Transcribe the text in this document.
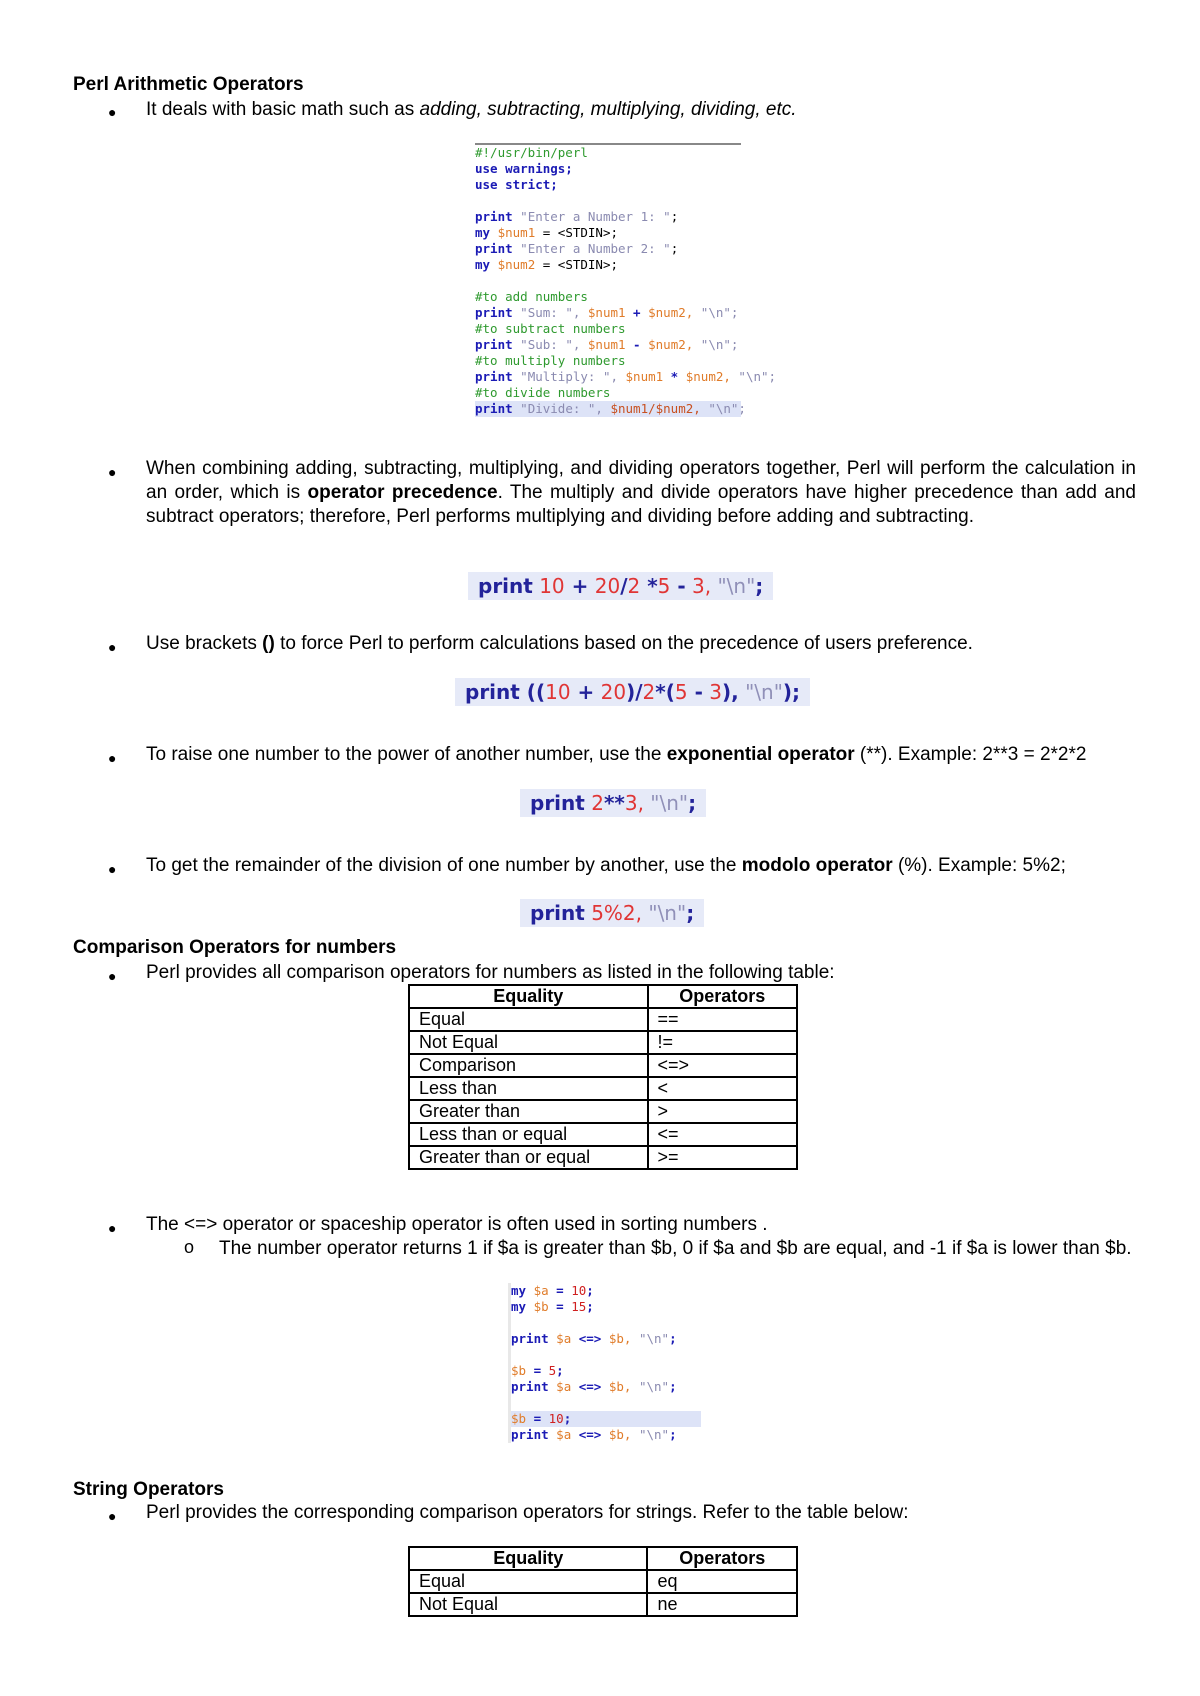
Perl Arithmetic Operators
● It deals with basic math such as adding, subtracting, multiplying, dividing, etc.
#!/usr/bin/perl
use warnings;
use strict;

print "Enter a Number 1: ";
my $num1 = <STDIN>;
print "Enter a Number 2: ";
my $num2 = <STDIN>;

#to add numbers
print "Sum: ", $num1 + $num2, "\n";
#to subtract numbers
print "Sub: ", $num1 - $num2, "\n";
#to multiply numbers
print "Multiply: ", $num1 * $num2, "\n";
#to divide numbers
print "Divide: ", $num1/$num2, "\n";
● When combining adding, subtracting, multiplying, and dividing operators together, Perl will perform the calculation in an order, which is operator precedence. The multiply and divide operators have higher precedence than add and subtract operators; therefore, Perl performs multiplying and dividing before adding and subtracting.
print 10 + 20/2 *5 - 3, "\n";
● Use brackets () to force Perl to perform calculations based on the precedence of users preference.
print ((10 + 20)/2*(5 - 3), "\n");
● To raise one number to the power of another number, use the exponential operator (**). Example: 2**3 = 2*2*2
print 2**3, "\n";
● To get the remainder of the division of one number by another, use the modolo operator (%). Example: 5%2;
print 5%2, "\n";
Comparison Operators for numbers
● Perl provides all comparison operators for numbers as listed in the following table:
Equality	Operators
Equal	==
Not Equal	!=
Comparison	<=>
Less than	<
Greater than	>
Less than or equal	<=
Greater than or equal	>=
● The <=> operator or spaceship operator is often used in sorting numbers .
o The number operator returns 1 if $a is greater than $b, 0 if $a and $b are equal, and -1 if $a is lower than $b.
my $a = 10;
my $b = 15;

print $a <=> $b, "\n";

$b = 5;
print $a <=> $b, "\n";

$b = 10;
print $a <=> $b, "\n";
String Operators
● Perl provides the corresponding comparison operators for strings. Refer to the table below:
Equality	Operators
Equal	eq
Not Equal	ne
